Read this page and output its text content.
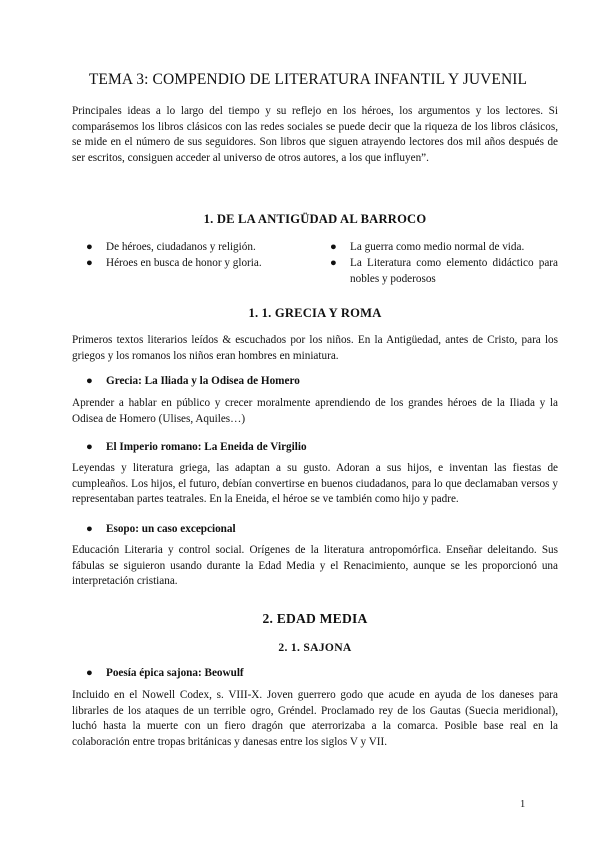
TEMA 3: COMPENDIO DE LITERATURA INFANTIL Y JUVENIL

Principales ideas a lo largo del tiempo y su reflejo en los héroes, los argumentos y los lectores. Si comparásemos los libros clásicos con las redes sociales se puede decir que la riqueza de los libros clásicos, se mide en el número de sus seguidores. Son libros que siguen atrayendo lectores dos mil años después de ser escritos, consiguen acceder al universo de otros autores, a los que influyen”.

1. DE LA ANTIGÜDAD AL BARROCO
●	De héroes, ciudadanos y religión.
●	Héroes en busca de honor y gloria.
●	La guerra como medio normal de vida.
●	La Literatura como elemento didáctico para nobles y poderosos
1. 1. GRECIA Y ROMA

Primeros textos literarios leídos & escuchados por los niños. En la Antigüedad, antes de Cristo, para los griegos y los romanos los niños eran hombres en miniatura.

●	Grecia: La Iliada y la Odisea de Homero

Aprender a hablar en público y crecer moralmente aprendiendo de los grandes héroes de la Iliada y la Odisea de Homero (Ulises, Aquiles…)

●	El Imperio romano: La Eneida de Virgilio

Leyendas y literatura griega, las adaptan a su gusto. Adoran a sus hijos, e inventan las fiestas de cumpleaños. Los hijos, el futuro, debían convertirse en buenos ciudadanos, para lo que declamaban versos y representaban partes teatrales. En la Eneida, el héroe se ve también como hijo y padre.

●	Esopo: un caso excepcional

Educación Literaria y control social. Orígenes de la literatura antropomórfica. Enseñar deleitando. Sus fábulas se siguieron usando durante la Edad Media y el Renacimiento, aunque se les proporcionó una interpretación cristiana.

2. EDAD MEDIA
2. 1. SAJONA
●	Poesía épica sajona: Beowulf

Incluido en el Nowell Codex, s. VIII-X. Joven guerrero godo que acude en ayuda de los daneses para librarles de los ataques de un terrible ogro, Gréndel. Proclamado rey de los Gautas (Suecia meridional), luchó hasta la muerte con un fiero dragón que aterrorizaba a la comarca. Posible base real en la colaboración entre tropas británicas y danesas entre los siglos V y VII.

1
